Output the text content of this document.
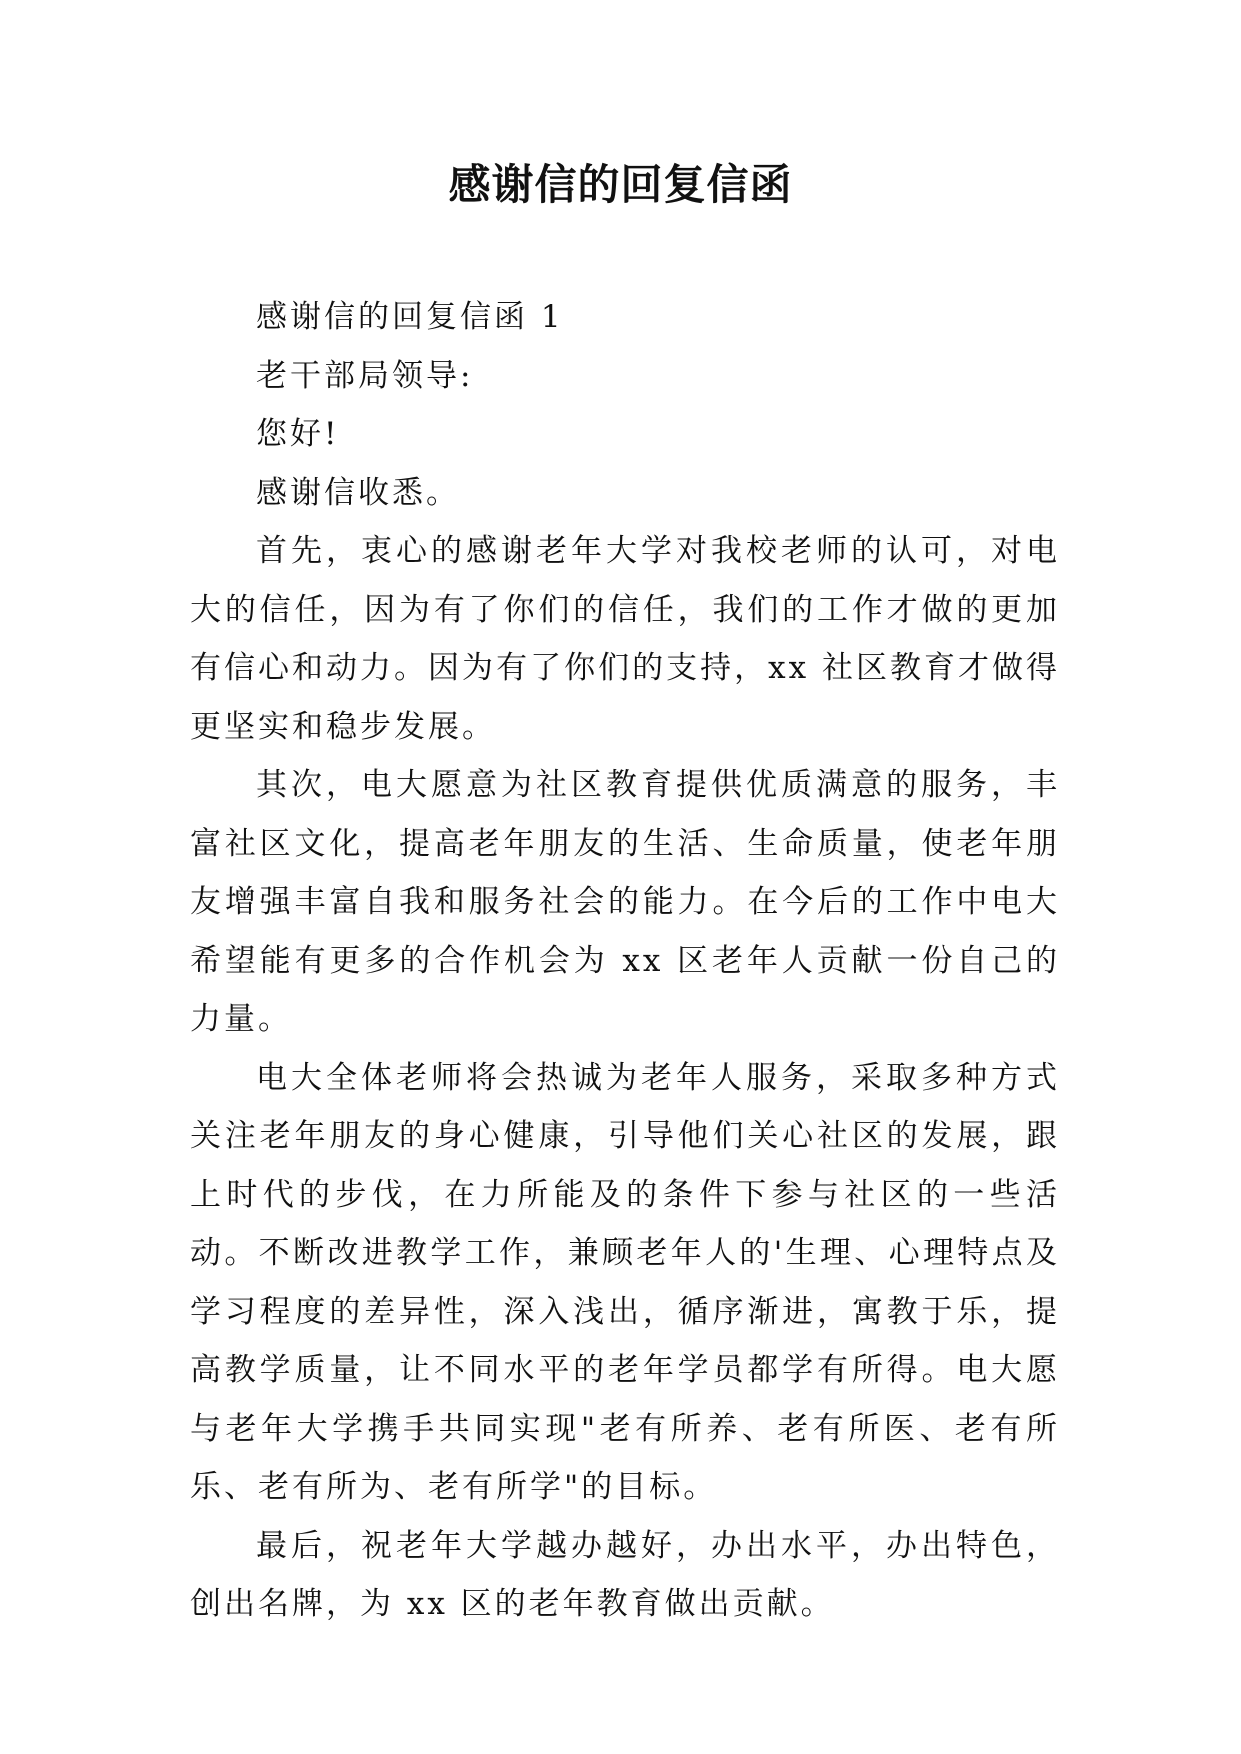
感谢信的回复信函

感谢信的回复信函 1

老干部局领导:

您好!

感谢信收悉。

首先，衷心的感谢老年大学对我校老师的认可，对电大的信任，因为有了你们的信任，我们的工作才做的更加有信心和动力。因为有了你们的支持，xx 社区教育才做得更坚实和稳步发展。

其次，电大愿意为社区教育提供优质满意的服务，丰富社区文化，提高老年朋友的生活、生命质量，使老年朋友增强丰富自我和服务社会的能力。在今后的工作中电大希望能有更多的合作机会为 xx 区老年人贡献一份自己的力量。

电大全体老师将会热诚为老年人服务，采取多种方式关注老年朋友的身心健康，引导他们关心社区的发展，跟上时代的步伐，在力所能及的条件下参与社区的一些活动。不断改进教学工作，兼顾老年人的'生理、心理特点及学习程度的差异性，深入浅出，循序渐进，寓教于乐，提高教学质量，让不同水平的老年学员都学有所得。电大愿与老年大学携手共同实现"老有所养、老有所医、老有所乐、老有所为、老有所学"的目标。

最后，祝老年大学越办越好，办出水平，办出特色，创出名牌，为 xx 区的老年教育做出贡献。
